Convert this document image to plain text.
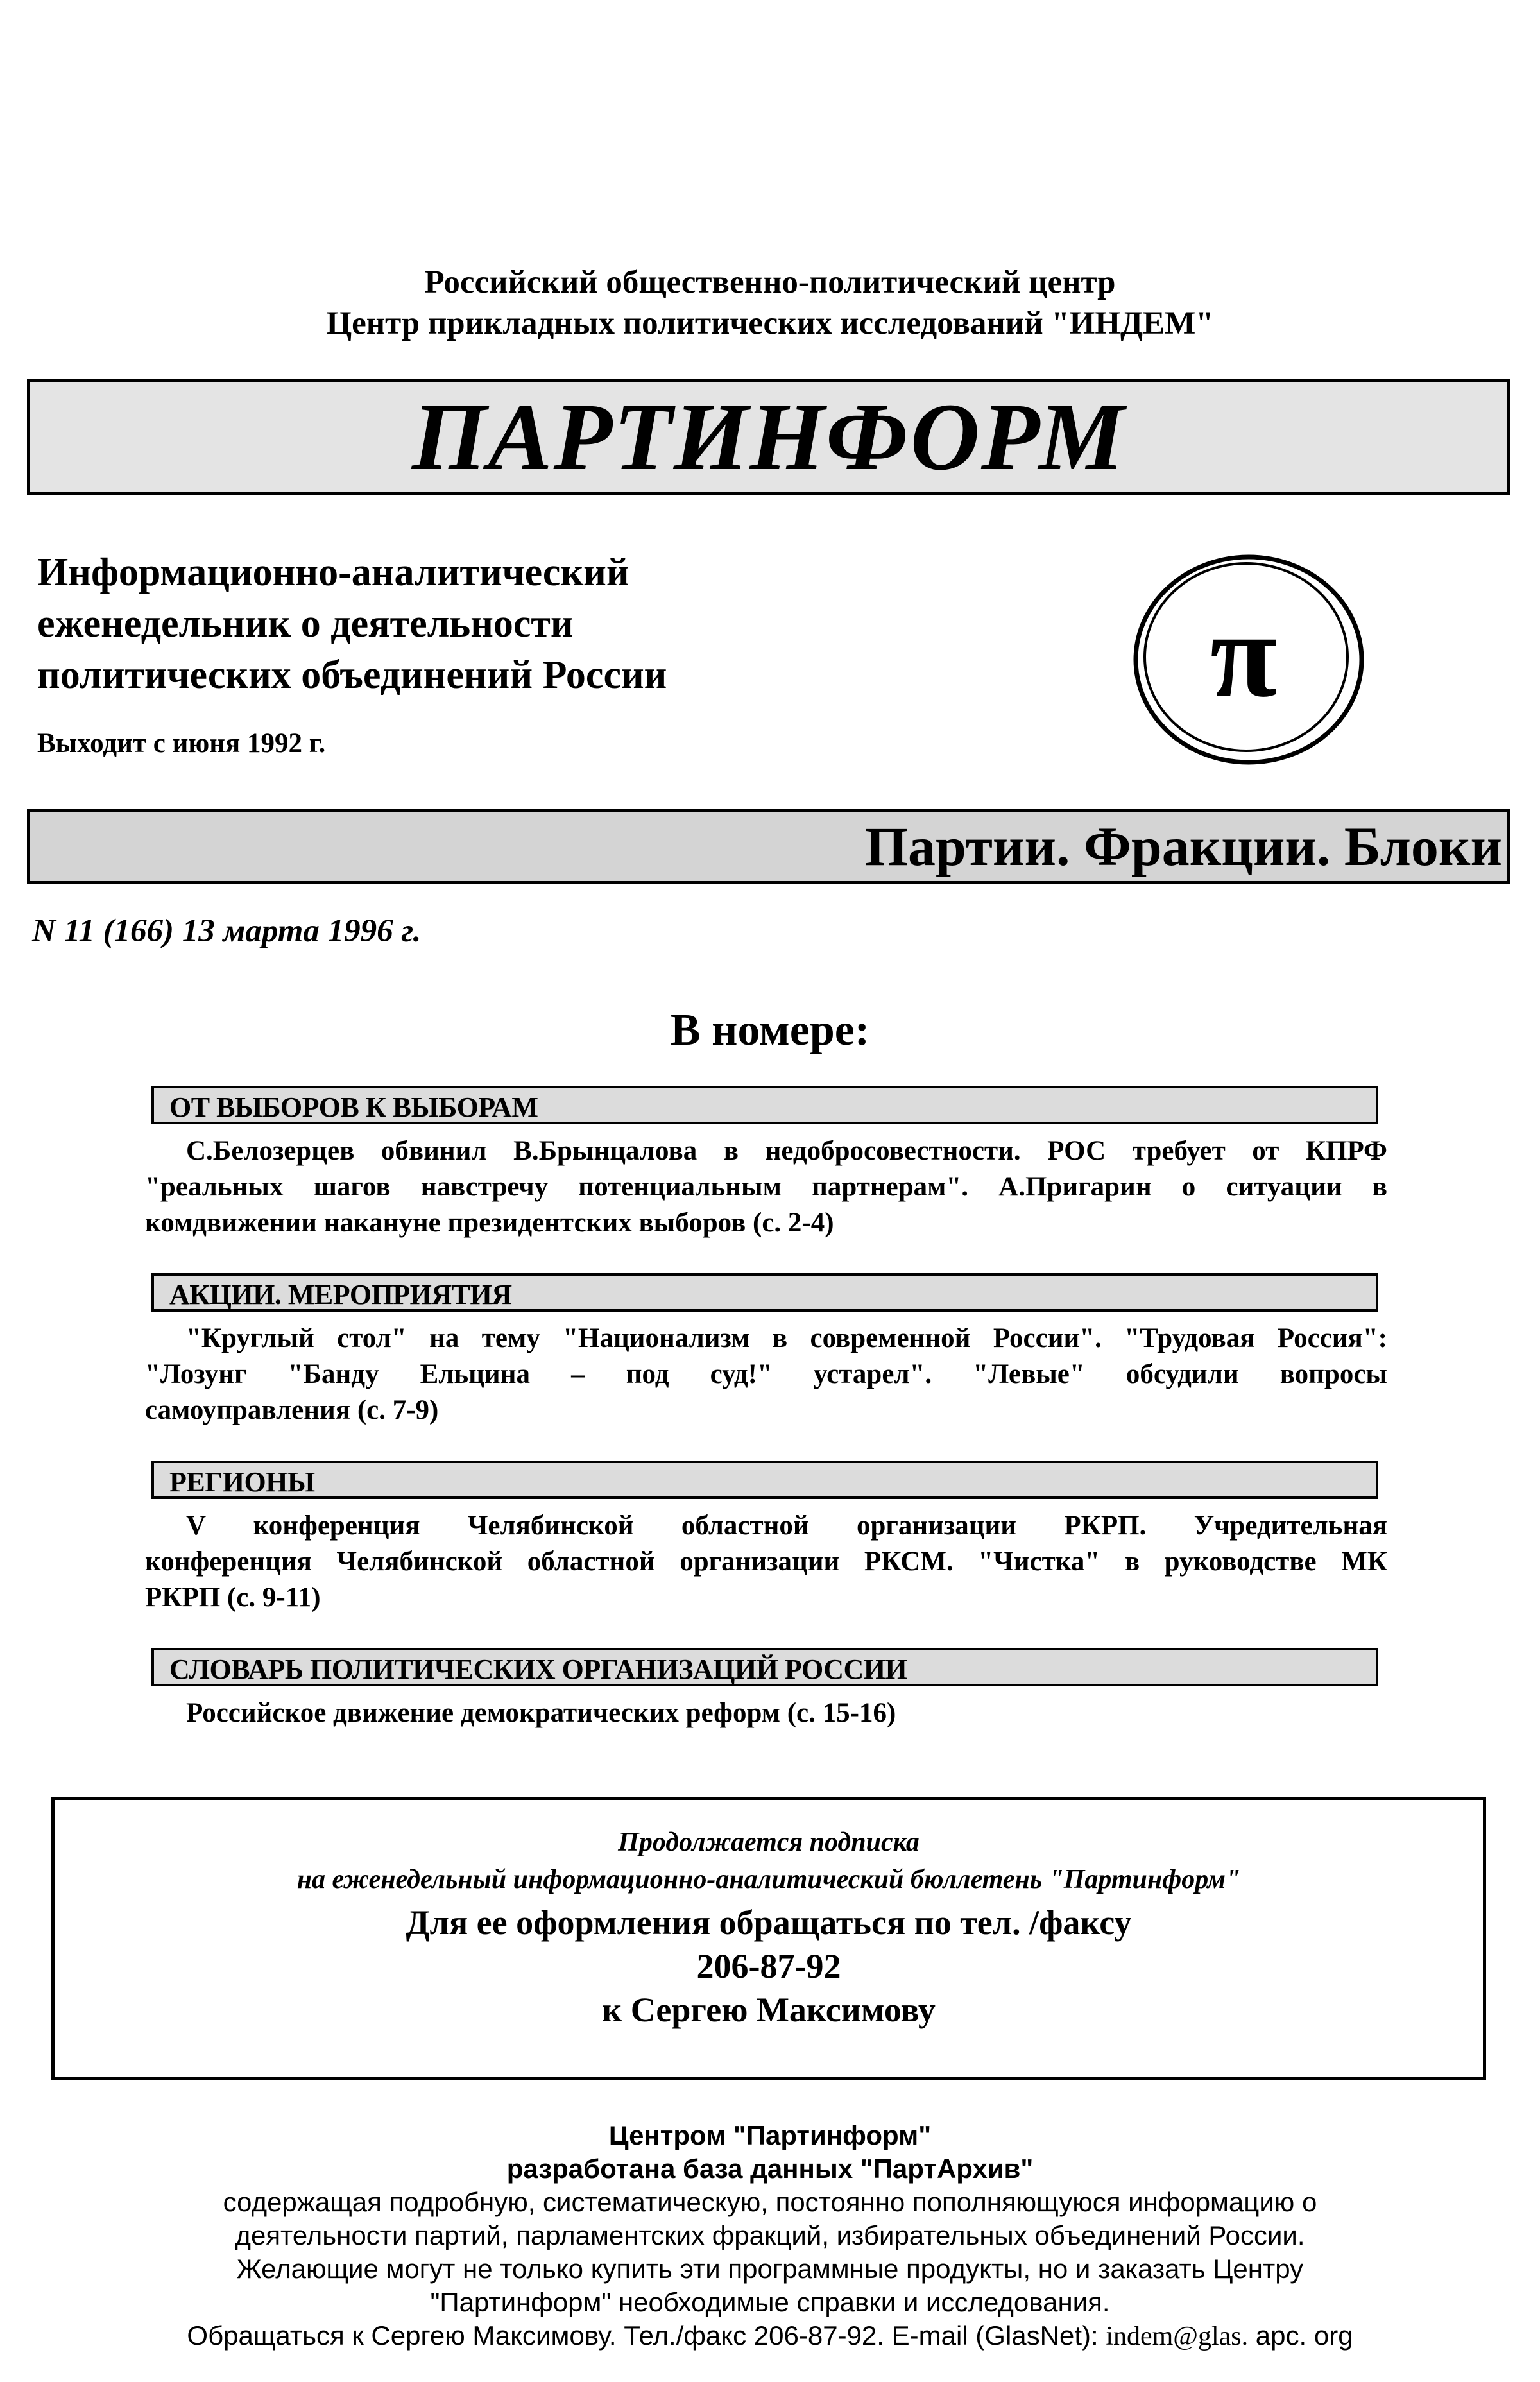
Российский общественно-политический центр
Центр прикладных политических исследований "ИНДЕМ"
ПАРТИНФОРМ
Информационно-аналитический
еженедельник о деятельности
политических объединений России
Выходит с июня 1992 г.
π
Партии. Фракции. Блоки
N 11 (166) 13 марта 1996 г.
В номере:
ОТ ВЫБОРОВ К ВЫБОРАМ
С.Белозерцев обвинил В.Брынцалова в недобросовестности. РОС требует от КПРФ
"реальных шагов навстречу потенциальным партнерам". А.Пригарин о ситуации в
комдвижении накануне президентских выборов (с. 2-4)
АКЦИИ. МЕРОПРИЯТИЯ
"Круглый стол" на тему "Национализм в современной России". "Трудовая Россия":
"Лозунг "Банду Ельцина – под суд!" устарел". "Левые" обсудили вопросы
самоуправления (с. 7-9)
РЕГИОНЫ
V конференция Челябинской областной организации РКРП. Учредительная
конференция Челябинской областной организации РКСМ. "Чистка" в руководстве МК
РКРП (с. 9-11)
СЛОВАРЬ ПОЛИТИЧЕСКИХ ОРГАНИЗАЦИЙ РОССИИ
Российское движение демократических реформ (с. 15-16)
Продолжается подписка
на еженедельный информационно-аналитический бюллетень "Партинформ"
Для ее оформления обращаться по тел. /факсу
206-87-92
к Сергею Максимову
Центром "Партинформ"
разработана база данных "ПартАрхив"
содержащая подробную, систематическую, постоянно пополняющуюся информацию о
деятельности партий, парламентских фракций, избирательных объединений России.
Желающие могут не только купить эти программные продукты, но и заказать Центру
"Партинформ" необходимые справки и исследования.
Обращаться к Сергею Максимову. Тел./факс 206-87-92. E-mail (GlasNet): indem@glas. apc. org
